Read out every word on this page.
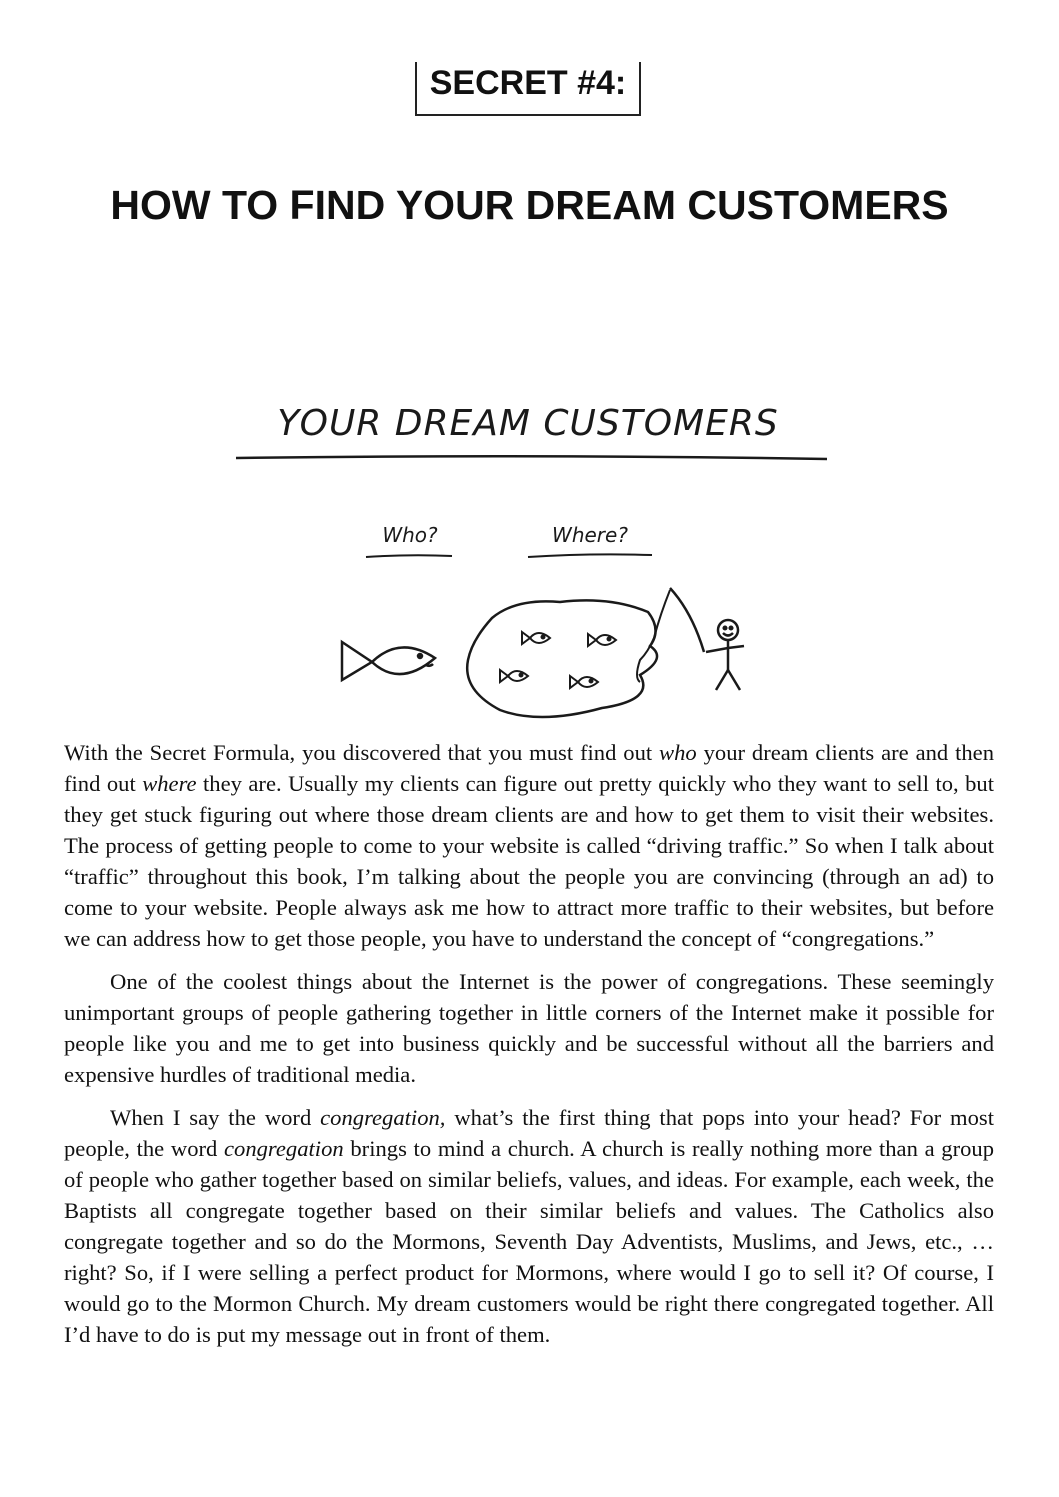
SECRET #4:
HOW TO FIND YOUR DREAM CUSTOMERS
YOUR DREAM CUSTOMERS
Who?	Where?

With the Secret Formula, you discovered that you must find out who your dream clients are and then find out where they are. Usually my clients can figure out pretty quickly who they want to sell to, but they get stuck figuring out where those dream clients are and how to get them to visit their websites. The process of getting people to come to your website is called “driving traffic.” So when I talk about “traffic” throughout this book, I’m talking about the people you are convincing (through an ad) to come to your website. People always ask me how to attract more traffic to their websites, but before we can address how to get those people, you have to understand the concept of “congregations.”

One of the coolest things about the Internet is the power of congregations. These seemingly unimportant groups of people gathering together in little corners of the Internet make it possible for people like you and me to get into business quickly and be successful without all the barriers and expensive hurdles of traditional media.

When I say the word congregation, what’s the first thing that pops into your head? For most people, the word congregation brings to mind a church. A church is really nothing more than a group of people who gather together based on similar beliefs, values, and ideas. For example, each week, the Baptists all congregate together based on their similar beliefs and values. The Catholics also congregate together and so do the Mormons, Seventh Day Adventists, Muslims, and Jews, etc., … right? So, if I were selling a perfect product for Mormons, where would I go to sell it? Of course, I would go to the Mormon Church. My dream customers would be right there congregated together. All I’d have to do is put my message out in front of them.
